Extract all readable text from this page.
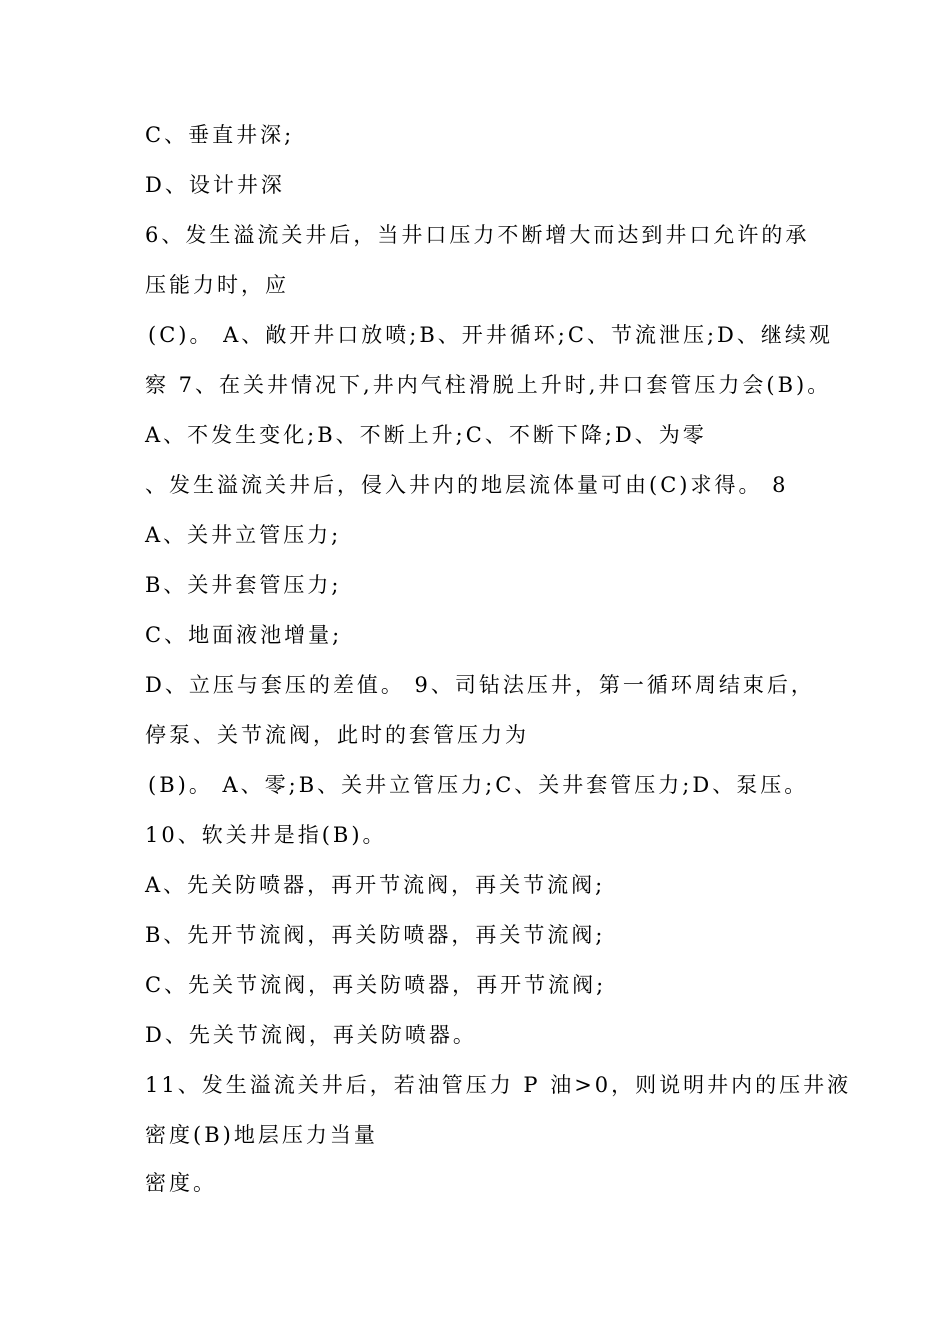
C、垂直井深;
D、设计井深
6、发生溢流关井后，当井口压力不断增大而达到井口允许的承
压能力时，应
(C)。 A、敞开井口放喷;B、开井循环;C、节流泄压;D、继续观
察 7、在关井情况下,井内气柱滑脱上升时,井口套管压力会(B)。
A、不发生变化;B、不断上升;C、不断下降;D、为零
、发生溢流关井后，侵入井内的地层流体量可由(C)求得。 8
A、关井立管压力;
B、关井套管压力;
C、地面液池增量;
D、立压与套压的差值。 9、司钻法压井，第一循环周结束后，
停泵、关节流阀，此时的套管压力为
(B)。 A、零;B、关井立管压力;C、关井套管压力;D、泵压。
10、软关井是指(B)。
A、先关防喷器，再开节流阀，再关节流阀;
B、先开节流阀，再关防喷器，再关节流阀;
C、先关节流阀，再关防喷器，再开节流阀;
D、先关节流阀，再关防喷器。
11、发生溢流关井后，若油管压力 P 油>0，则说明井内的压井液
密度(B)地层压力当量
密度。
